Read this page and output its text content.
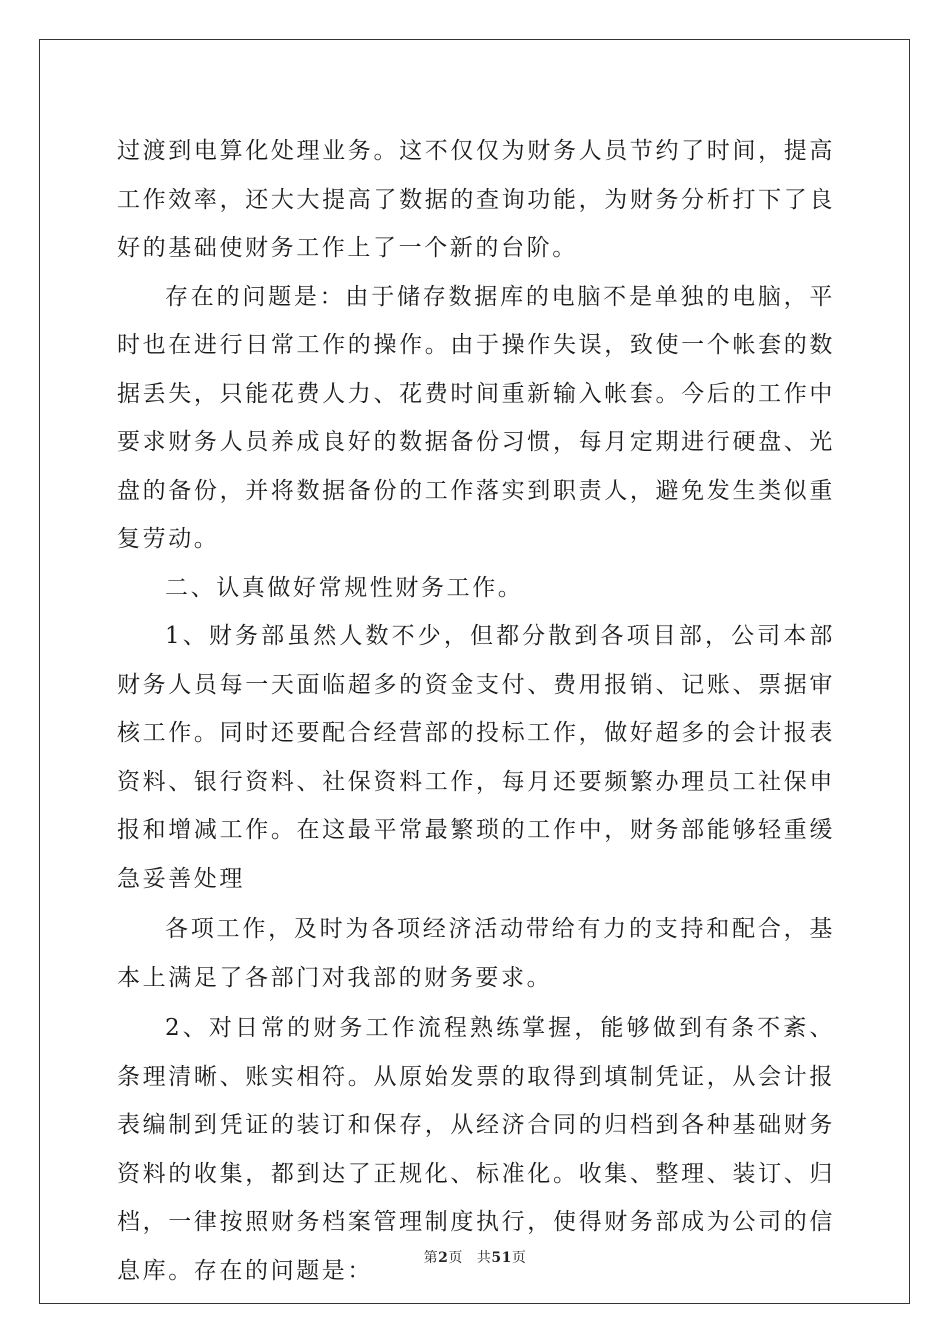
过渡到电算化处理业务。这不仅仅为财务人员节约了时间，提高工作效率，还大大提高了数据的查询功能，为财务分析打下了良好的基础使财务工作上了一个新的台阶。

存在的问题是：由于储存数据库的电脑不是单独的电脑，平时也在进行日常工作的操作。由于操作失误，致使一个帐套的数据丢失，只能花费人力、花费时间重新输入帐套。今后的工作中要求财务人员养成良好的数据备份习惯，每月定期进行硬盘、光盘的备份，并将数据备份的工作落实到职责人，避免发生类似重复劳动。

二、认真做好常规性财务工作。

1、财务部虽然人数不少，但都分散到各项目部，公司本部财务人员每一天面临超多的资金支付、费用报销、记账、票据审核工作。同时还要配合经营部的投标工作，做好超多的会计报表资料、银行资料、社保资料工作，每月还要频繁办理员工社保申报和增减工作。在这最平常最繁琐的工作中，财务部能够轻重缓急妥善处理

各项工作，及时为各项经济活动带给有力的支持和配合，基本上满足了各部门对我部的财务要求。

2、对日常的财务工作流程熟练掌握，能够做到有条不紊、条理清晰、账实相符。从原始发票的取得到填制凭证，从会计报表编制到凭证的装订和保存，从经济合同的归档到各种基础财务资料的收集，都到达了正规化、标准化。收集、整理、装订、归档，一律按照财务档案管理制度执行，使得财务部成为公司的信息库。存在的问题是：	第2页 共51页
